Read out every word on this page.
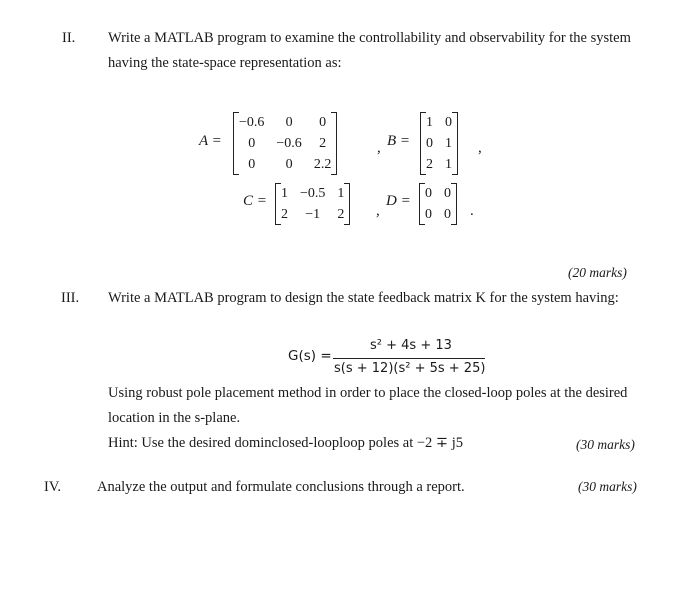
II. Write a MATLAB program to examine the controllability and observability for the system
having the state-space representation as:
A =
−0.6	0	0
0	−0.6	2
0	0	2.2
, B =
1	0
0	1
2	1
,
C = 1	−0.5	1
2	−1	2 ,
D = 0	0
0	0 .
(20 marks)
III. Write a MATLAB program to design the state feedback matrix K for the system having:
G(s) =
s² + 4s + 13
s(s + 12)(s² + 5s + 25)
Using robust pole placement method in order to place the closed-loop poles at the desired
location in the s-plane.
Hint: Use the desired dominclosed-looploop poles at −2 ∓ j5	(30 marks)
IV. Analyze the output and formulate conclusions through a report.	(30 marks)
